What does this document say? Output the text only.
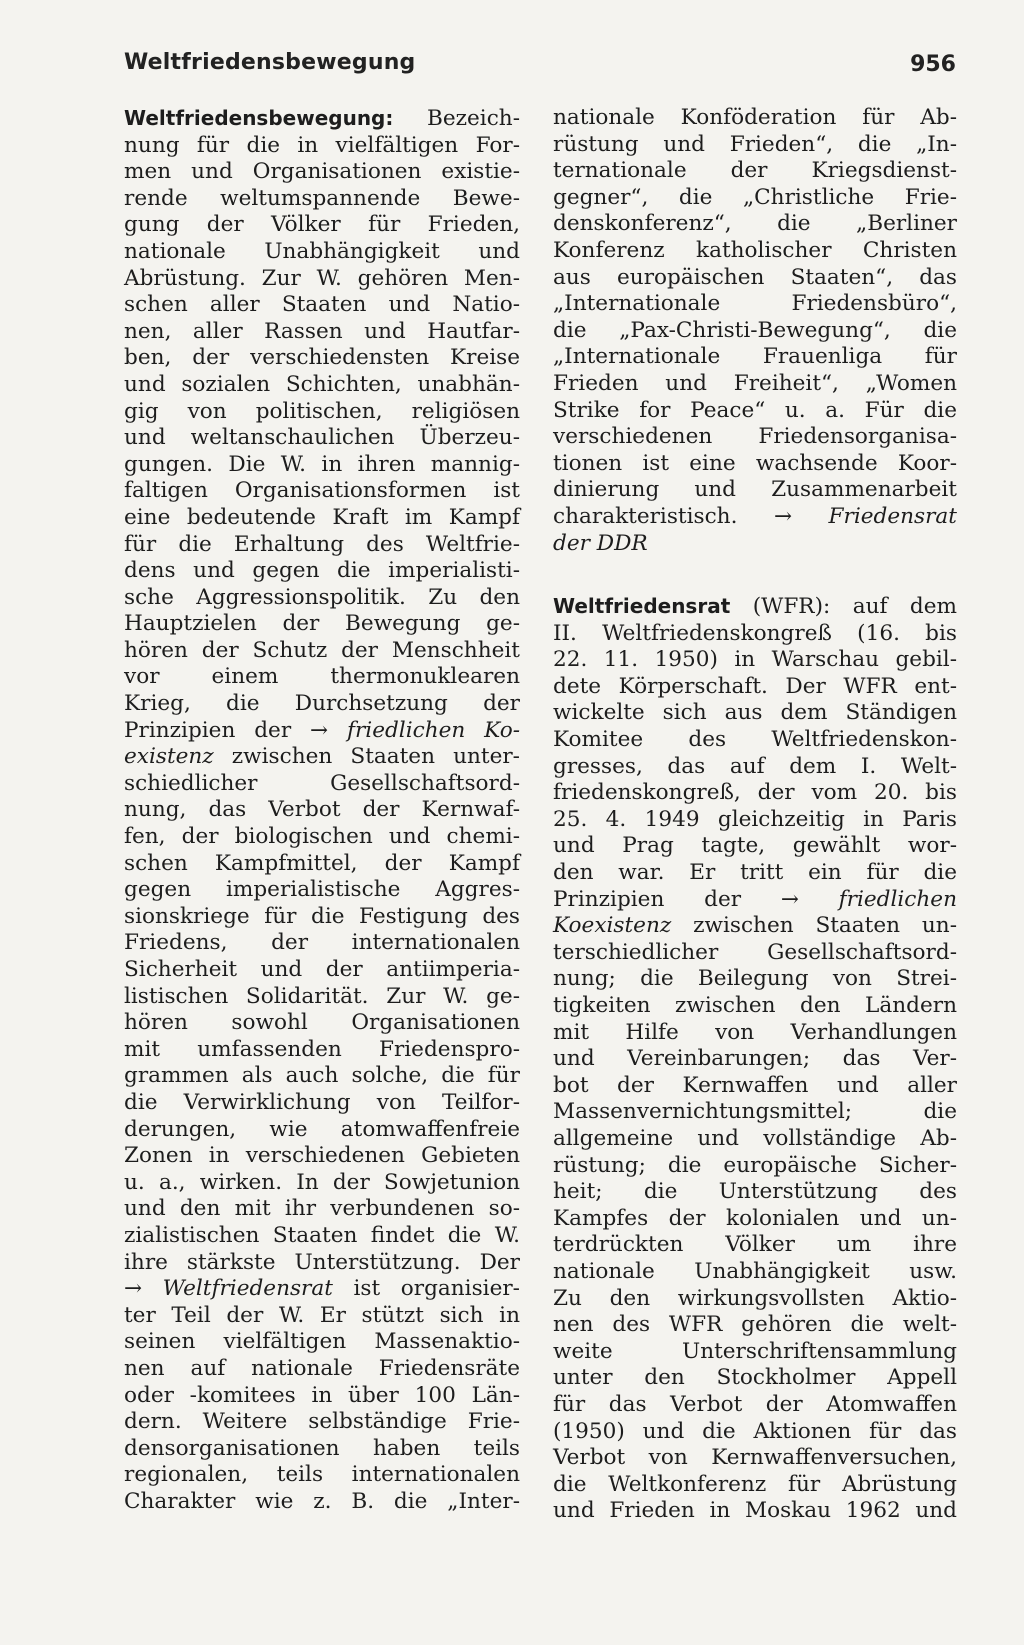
Weltfriedensbewegung	956

Weltfriedensbewegung: Bezeich-

nung für die in vielfältigen For-

men und Organisationen existie-

rende weltumspannende Bewe-

gung der Völker für Frieden,

nationale Unabhängigkeit und

Abrüstung. Zur W. gehören Men-

schen aller Staaten und Natio-

nen, aller Rassen und Hautfar-

ben, der verschiedensten Kreise

und sozialen Schichten, unabhän-

gig von politischen, religiösen

und weltanschaulichen Überzeu-

gungen. Die W. in ihren mannig-

faltigen Organisationsformen ist

eine bedeutende Kraft im Kampf

für die Erhaltung des Weltfrie-

dens und gegen die imperialisti-

sche Aggressionspolitik. Zu den

Hauptzielen der Bewegung ge-

hören der Schutz der Menschheit

vor einem thermonuklearen

Krieg, die Durchsetzung der

Prinzipien der → friedlichen Ko-

existenz zwischen Staaten unter-

schiedlicher Gesellschaftsord-

nung, das Verbot der Kernwaf-

fen, der biologischen und chemi-

schen Kampfmittel, der Kampf

gegen imperialistische Aggres-

sionskriege für die Festigung des

Friedens, der internationalen

Sicherheit und der antiimperia-

listischen Solidarität. Zur W. ge-

hören sowohl Organisationen

mit umfassenden Friedenspro-

grammen als auch solche, die für

die Verwirklichung von Teilfor-

derungen, wie atomwaffenfreie

Zonen in verschiedenen Gebieten

u. a., wirken. In der Sowjetunion

und den mit ihr verbundenen so-

zialistischen Staaten findet die W.

ihre stärkste Unterstützung. Der

→ Weltfriedensrat ist organisier-

ter Teil der W. Er stützt sich in

seinen vielfältigen Massenaktio-

nen auf nationale Friedensräte

oder -komitees in über 100 Län-

dern. Weitere selbständige Frie-

densorganisationen haben teils

regionalen, teils internationalen

Charakter wie z. B. die „Inter-

nationale Konföderation für Ab-

rüstung und Frieden“, die „In-

ternationale der Kriegsdienst-

gegner“, die „Christliche Frie-

denskonferenz“, die „Berliner

Konferenz katholischer Christen

aus europäischen Staaten“, das

„Internationale Friedensbüro“,

die „Pax-Christi-Bewegung“, die

„Internationale Frauenliga für

Frieden und Freiheit“, „Women

Strike for Peace“ u. a. Für die

verschiedenen Friedensorganisa-

tionen ist eine wachsende Koor-

dinierung und Zusammenarbeit

charakteristisch. → Friedensrat

der DDR

Weltfriedensrat (WFR): auf dem

II. Weltfriedenskongreß (16. bis

22. 11. 1950) in Warschau gebil-

dete Körperschaft. Der WFR ent-

wickelte sich aus dem Ständigen

Komitee des Weltfriedenskon-

gresses, das auf dem I. Welt-

friedenskongreß, der vom 20. bis

25. 4. 1949 gleichzeitig in Paris

und Prag tagte, gewählt wor-

den war. Er tritt ein für die

Prinzipien der → friedlichen

Koexistenz zwischen Staaten un-

terschiedlicher Gesellschaftsord-

nung; die Beilegung von Strei-

tigkeiten zwischen den Ländern

mit Hilfe von Verhandlungen

und Vereinbarungen; das Ver-

bot der Kernwaffen und aller

Massenvernichtungsmittel; die

allgemeine und vollständige Ab-

rüstung; die europäische Sicher-

heit; die Unterstützung des

Kampfes der kolonialen und un-

terdrückten Völker um ihre

nationale Unabhängigkeit usw.

Zu den wirkungsvollsten Aktio-

nen des WFR gehören die welt-

weite Unterschriftensammlung

unter den Stockholmer Appell

für das Verbot der Atomwaffen

(1950) und die Aktionen für das

Verbot von Kernwaffenversuchen,

die Weltkonferenz für Abrüstung

und Frieden in Moskau 1962 und
